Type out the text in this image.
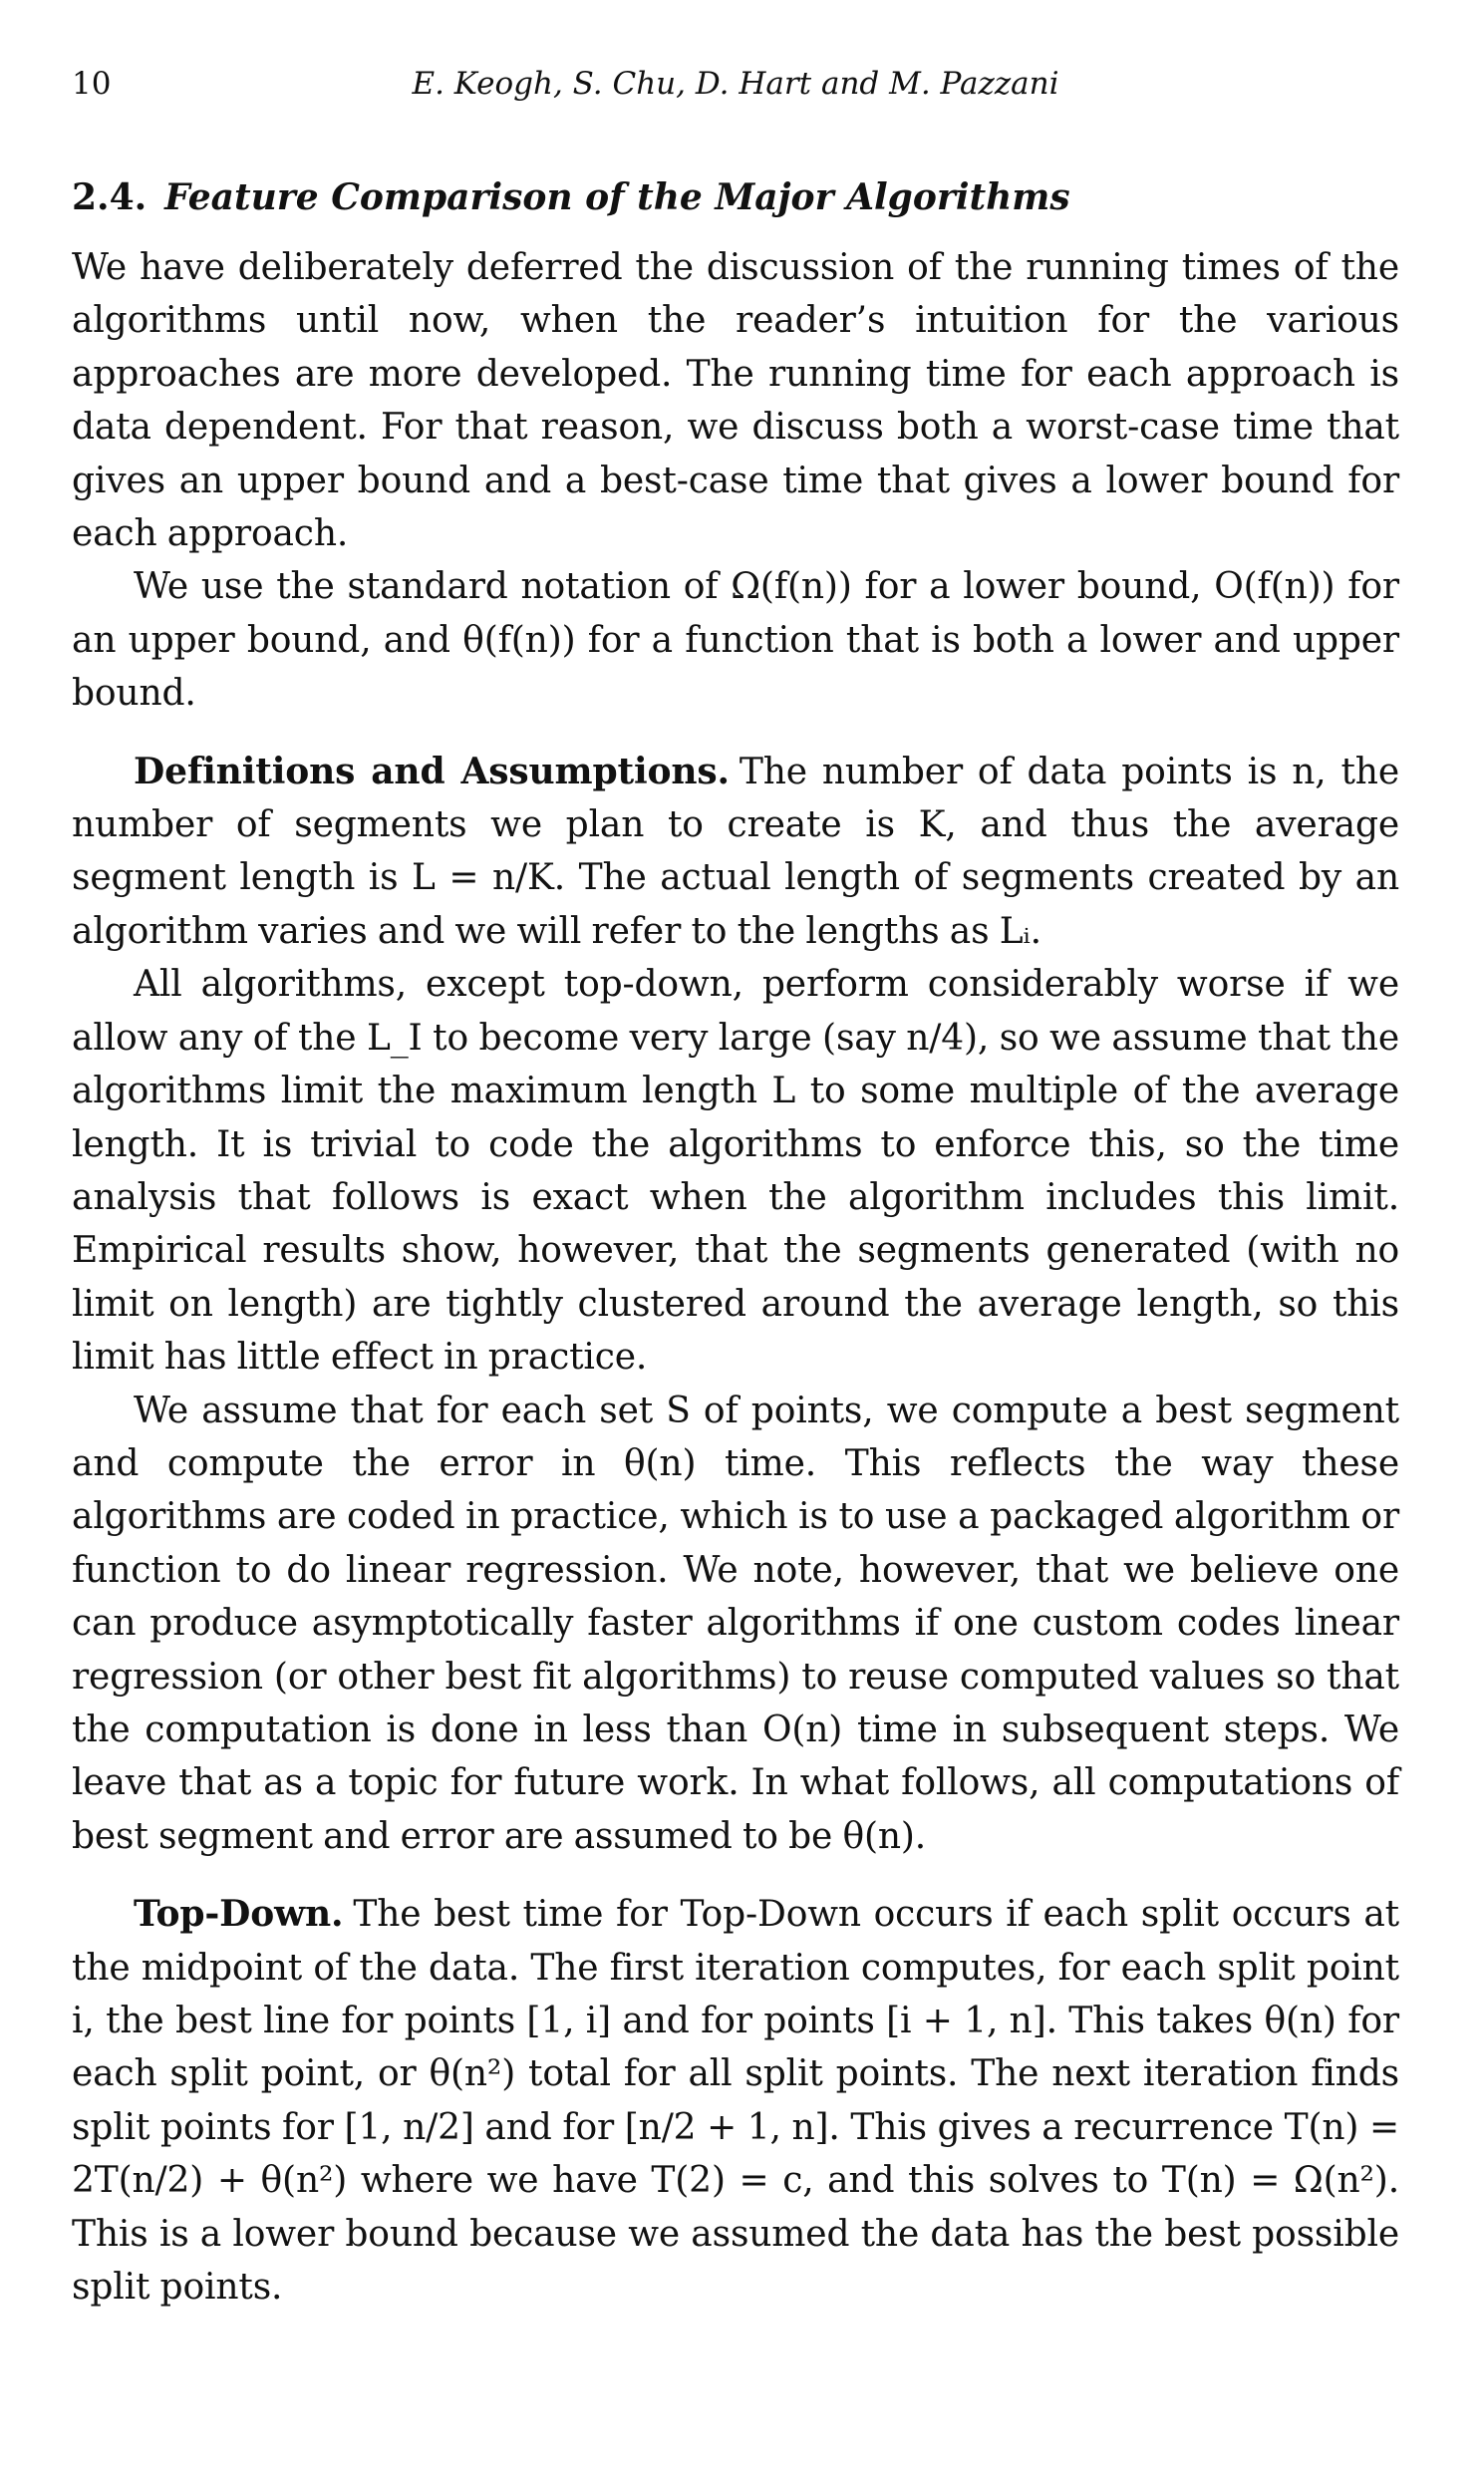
10	E. Keogh, S. Chu, D. Hart and M. Pazzani
2.4. Feature Comparison of the Major Algorithms

We have deliberately deferred the discussion of the running times of the algorithms until now, when the reader’s intuition for the various approaches are more developed. The running time for each approach is data dependent. For that reason, we discuss both a worst-case time that gives an upper bound and a best-case time that gives a lower bound for each approach.

We use the standard notation of Ω(f(n)) for a lower bound, O(f(n)) for an upper bound, and θ(f(n)) for a function that is both a lower and upper bound.

Definitions and Assumptions. The number of data points is n, the number of segments we plan to create is K, and thus the average segment length is L = n/K. The actual length of segments created by an algorithm varies and we will refer to the lengths as Lᵢ.

All algorithms, except top-down, perform considerably worse if we allow any of the L_I to become very large (say n/4), so we assume that the algorithms limit the maximum length L to some multiple of the average length. It is trivial to code the algorithms to enforce this, so the time analysis that follows is exact when the algorithm includes this limit. Empirical results show, however, that the segments generated (with no limit on length) are tightly clustered around the average length, so this limit has little effect in practice.

We assume that for each set S of points, we compute a best segment and compute the error in θ(n) time. This reflects the way these algorithms are coded in practice, which is to use a packaged algorithm or function to do linear regression. We note, however, that we believe one can produce asymptotically faster algorithms if one custom codes linear regression (or other best fit algorithms) to reuse computed values so that the computation is done in less than O(n) time in subsequent steps. We leave that as a topic for future work. In what follows, all computations of best segment and error are assumed to be θ(n).

Top-Down. The best time for Top-Down occurs if each split occurs at the midpoint of the data. The first iteration computes, for each split point i, the best line for points [1, i] and for points [i + 1, n]. This takes θ(n) for each split point, or θ(n²) total for all split points. The next iteration finds split points for [1, n/2] and for [n/2 + 1, n]. This gives a recurrence T(n) = 2T(n/2) + θ(n²) where we have T(2) = c, and this solves to T(n) = Ω(n²). This is a lower bound because we assumed the data has the best possible split points.
